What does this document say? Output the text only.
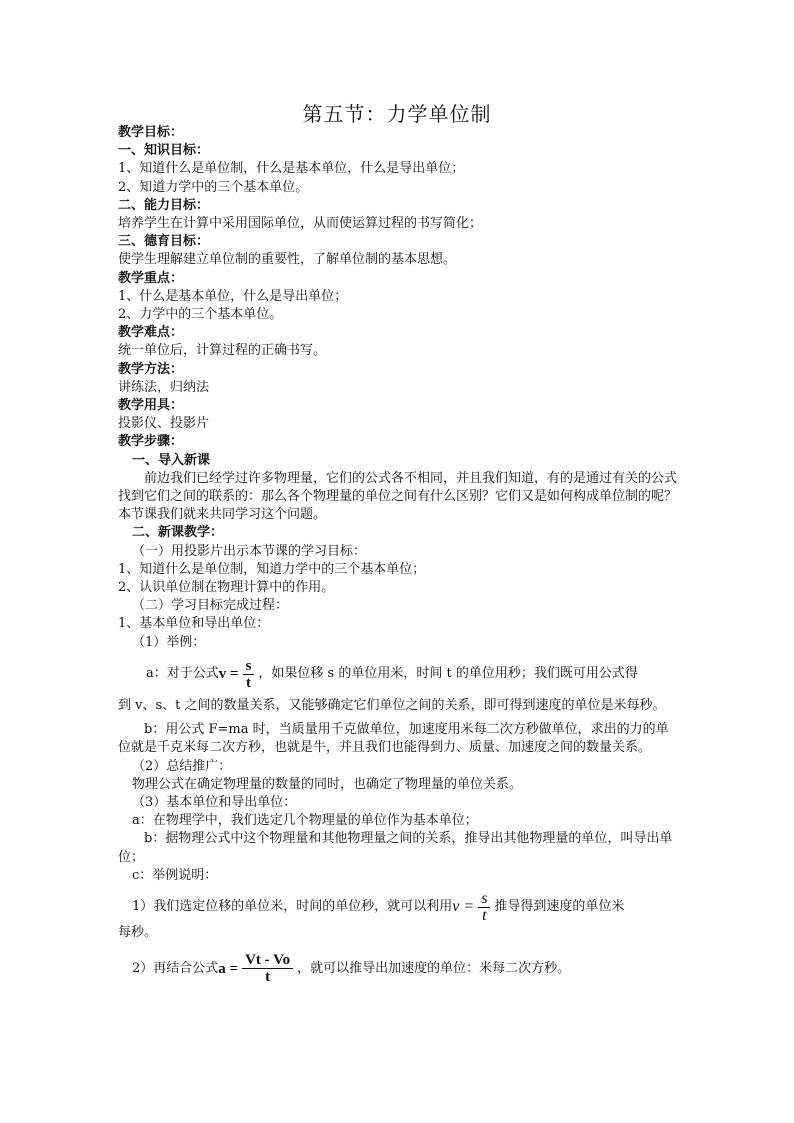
第五节：力学单位制
教学目标：
一、知识目标：
1、知道什么是单位制，什么是基本单位，什么是导出单位；
2、知道力学中的三个基本单位。
二、能力目标：
培养学生在计算中采用国际单位，从而使运算过程的书写简化；
三、德育目标：
使学生理解建立单位制的重要性，了解单位制的基本思想。
教学重点：
1、什么是基本单位，什么是导出单位；
2、力学中的三个基本单位。
教学难点：
统一单位后，计算过程的正确书写。
教学方法：
讲练法，归纳法
教学用具：
投影仪、投影片
教学步骤：
一、导入新课
前边我们已经学过许多物理量，它们的公式各不相同，并且我们知道，有的是通过有关的公式找到它们之间的联系的：那么各个物理量的单位之间有什么区别？它们又是如何构成单位制的呢？本节课我们就来共同学习这个问题。
二、新课教学：
（一）用投影片出示本节课的学习目标：
1、知道什么是单位制，知道力学中的三个基本单位；
2、认识单位制在物理计算中的作用。
（二）学习目标完成过程：
1、基本单位和导出单位：
（1）举例：
a：对于公式 $v = \frac{s}{t}$ ，如果位移 s 的单位用米，时间 t 的单位用秒；我们既可用公式得
到 v、s、t 之间的数量关系，又能够确定它们单位之间的关系，即可得到速度的单位是米每秒。
b：用公式 F=ma 时，当质量用千克做单位，加速度用米每二次方秒做单位，求出的力的单位就是千克米每二次方秒，也就是牛，并且我们也能得到力、质量、加速度之间的数量关系。
（2）总结推广：
物理公式在确定物理量的数量的同时，也确定了物理量的单位关系。
（3）基本单位和导出单位：
a：在物理学中，我们选定几个物理量的单位作为基本单位；
b：据物理公式中这个物理量和其他物理量之间的关系，推导出其他物理量的单位，叫导出单位；
c：举例说明：
1）我们选定位移的单位米，时间的单位秒，就可以利用 $v = \frac{s}{t}$ 推导得到速度的单位米
每秒。
2）再结合公式 $a = \frac{Vt - Vo}{t}$ ，就可以推导出加速度的单位：米每二次方秒。
